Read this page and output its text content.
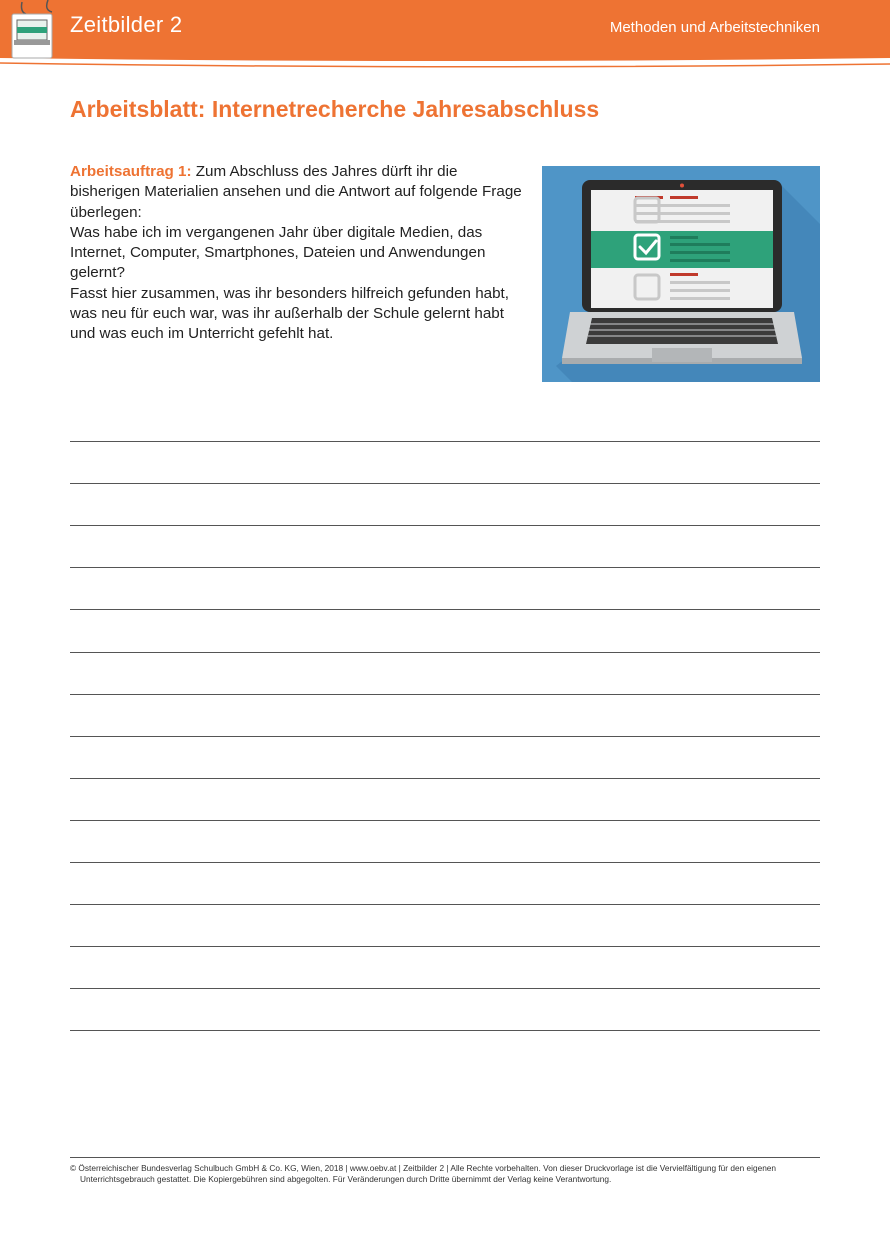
Zeitbilder 2	Methoden und Arbeitstechniken
Arbeitsblatt: Internetrecherche Jahresabschluss

Arbeitsauftrag 1: Zum Abschluss des Jahres dürft ihr die bisherigen Materialien ansehen und die Antwort auf folgende Frage überlegen:

Was habe ich im vergangenen Jahr über digitale Medien, das Internet, Computer, Smartphones, Dateien und Anwendungen gelernt?

Fasst hier zusammen, was ihr besonders hilfreich gefunden habt, was neu für euch war, was ihr außerhalb der Schule gelernt habt und was euch im Unterricht gefehlt hat.

© Österreichischer Bundesverlag Schulbuch GmbH & Co. KG, Wien, 2018 | www.oebv.at | Zeitbilder 2 | Alle Rechte vorbehalten. Von dieser Druckvorlage ist die Vervielfältigung für den eigenen

Unterrichtsgebrauch gestattet. Die Kopiergebühren sind abgegolten. Für Veränderungen durch Dritte übernimmt der Verlag keine Verantwortung.
